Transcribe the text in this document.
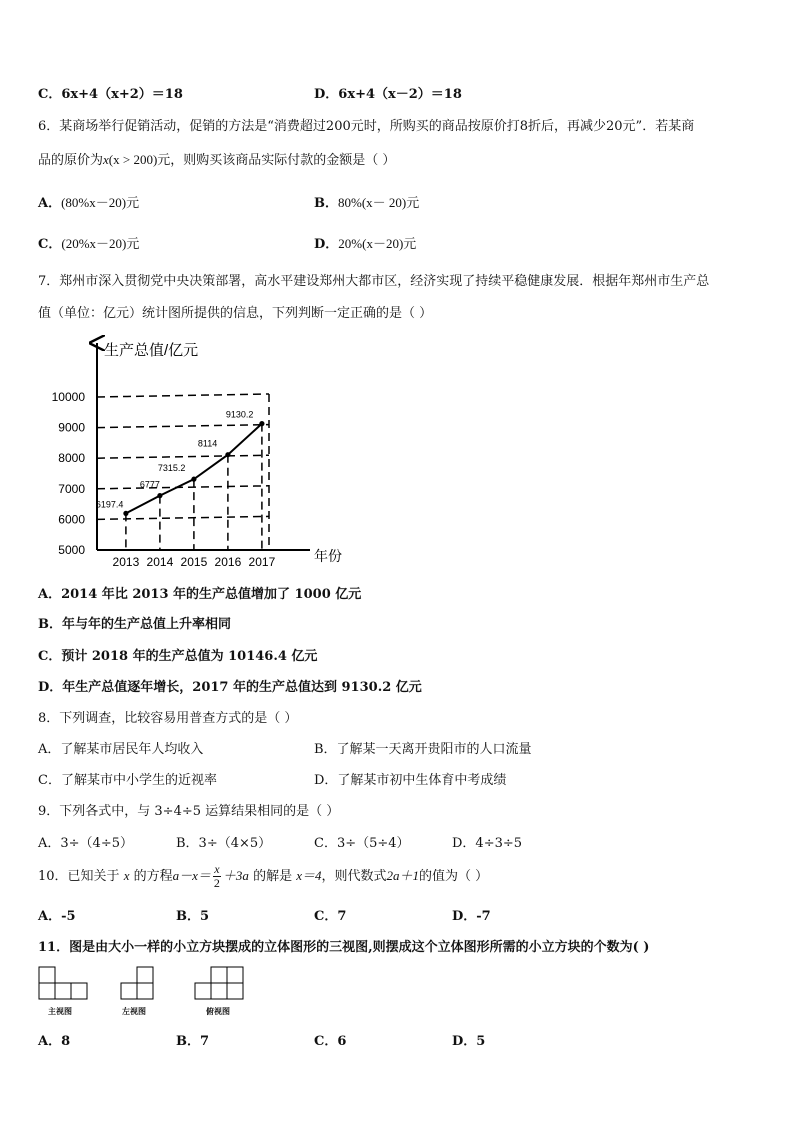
C．6x+4（x+2）＝18	D．6x+4（x－2）＝18
6．某商场举行促销活动，促销的方法是“消费超过200元时，所购买的商品按原价打8折后，再减少20元”．若某商
品的原价为x(x > 200)元，则购买该商品实际付款的金额是（ ）
A．(80%x－20)元	B．80%(x－ 20)元
C．(20%x－20)元	D．20%(x－20)元
7．郑州市深入贯彻党中央决策部署，高水平建设郑州大都市区，经济实现了持续平稳健康发展．根据年郑州市生产总
值（单位：亿元）统计图所提供的信息，下列判断一定正确的是（ ）
5000
6000
7000
8000
9000
10000
2013 2014 2015 2016 2017
6197.4
6777
7315.2
8114
9130.2
生产总值/亿元
年份
A．2014 年比 2013 年的生产总值增加了 1000 亿元
B．年与年的生产总值上升率相同
C．预计 2018 年的生产总值为 10146.4 亿元
D．年生产总值逐年增长，2017 年的生产总值达到 9130.2 亿元
8．下列调查，比较容易用普查方式的是（ ）
A．了解某市居民年人均收入	B．了解某一天离开贵阳市的人口流量
C．了解某市中小学生的近视率	D．了解某市初中生体育中考成绩
9．下列各式中，与 3÷4÷5 运算结果相同的是（ ）
A．3÷（4÷5）	B．3÷（4×5）	C．3÷（5÷4）	D．4÷3÷5
10．已知关于 x 的方程$a-x= \frac{x}{2} +3a$ 的解是 x＝4，则代数式2a＋1的值为（ ）
A．-5	B．5	C．7	D．-7
11．图是由大小一样的小立方块摆成的立体图形的三视图,则摆成这个立体图形所需的小立方块的个数为( )
主视图	左视图	俯视图
A．8	B．7	C．6	D．5
